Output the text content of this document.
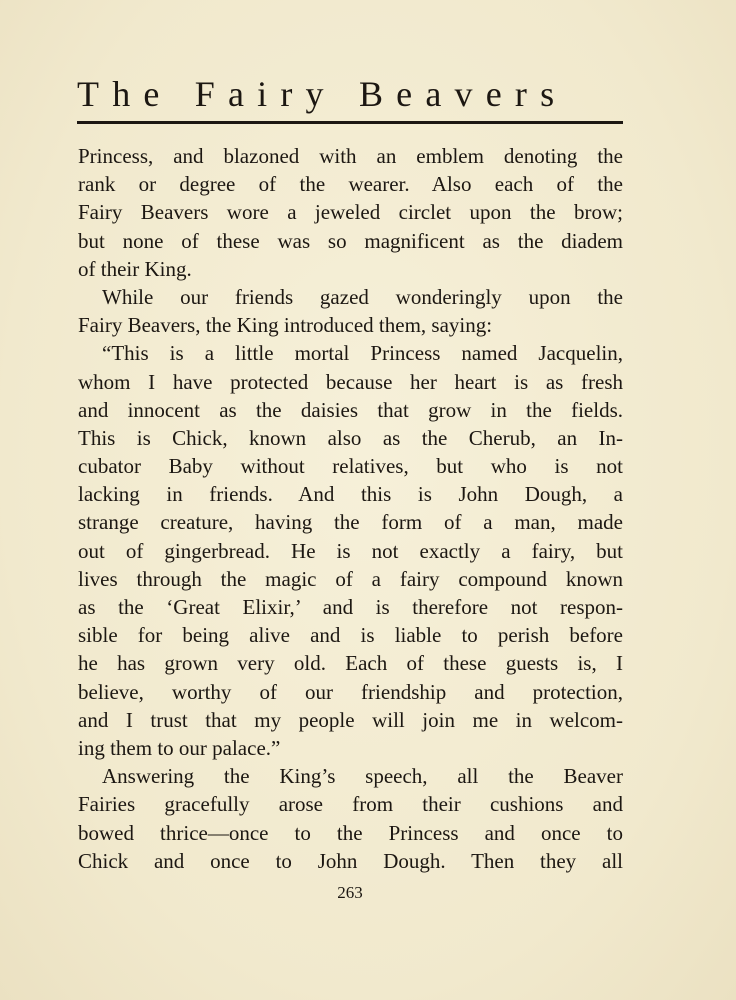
The Fairy Beavers
Princess, and blazoned with an emblem denoting the
rank or degree of the wearer. Also each of the
Fairy Beavers wore a jeweled circlet upon the brow;
but none of these was so magnificent as the diadem
of their King.
While our friends gazed wonderingly upon the
Fairy Beavers, the King introduced them, saying:
“This is a little mortal Princess named Jacquelin,
whom I have protected because her heart is as fresh
and innocent as the daisies that grow in the fields.
This is Chick, known also as the Cherub, an In-
cubator Baby without relatives, but who is not
lacking in friends. And this is John Dough, a
strange creature, having the form of a man, made
out of gingerbread. He is not exactly a fairy, but
lives through the magic of a fairy compound known
as the ‘Great Elixir,’ and is therefore not respon-
sible for being alive and is liable to perish before
he has grown very old. Each of these guests is, I
believe, worthy of our friendship and protection,
and I trust that my people will join me in welcom-
ing them to our palace.”
Answering the King’s speech, all the Beaver
Fairies gracefully arose from their cushions and
bowed thrice—once to the Princess and once to
Chick and once to John Dough. Then they all
263
